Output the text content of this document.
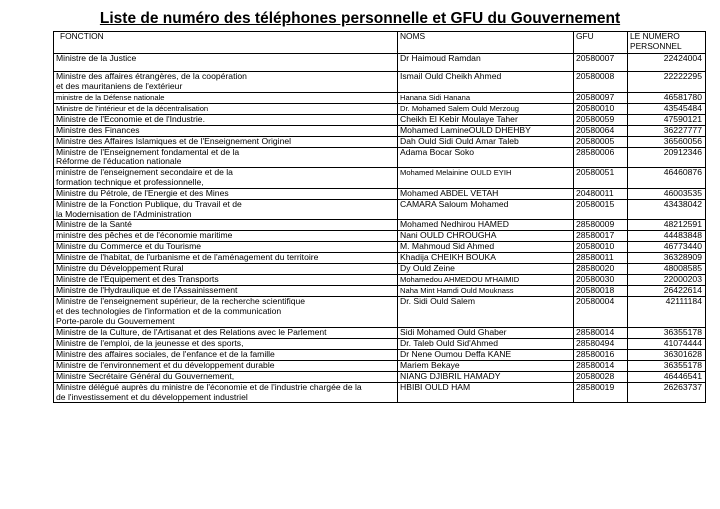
Liste de numéro des téléphones personnelle et GFU du Gouvernement
FONCTION	NOMS	GFU	LE NUMERO PERSONNEL
Ministre de la Justice	Dr Haimoud Ramdan	20580007	22424004
Ministre des affaires étrangères, de la coopération
et des mauritaniens de l'extérieur	Ismail Ould Cheikh Ahmed	20580008	22222295
ministre de la Défense nationale	Hanana Sidi Hanana	20580097	46581780
Ministre de l'intérieur et de la décentralisation	Dr. Mohamed Salem Ould Merzoug	20580010	43545484
Ministre de l'Economie et de l'Industrie.	Cheikh El Kebir Moulaye Taher	20580059	47590121
Ministre des Finances	Mohamed LamineOULD DHEHBY	20580064	36227777
Ministre des Affaires Islamiques et de l'Enseignement Originel	Dah Ould Sidi Ould Amar Taleb	20580005	36560056
Ministre de l'Enseignement fondamental et de la
Réforme de l'éducation nationale	Adama Bocar Soko	28580006	20912346
ministre de l'enseignement secondaire et de la
formation technique et professionnelle,	Mohamed Melainine OULD EYIH	20580051	46460876
Ministre du Pétrole, de l'Energie et des Mines	Mohamed ABDEL VETAH	20480011	46003535
Ministre de la Fonction Publique, du Travail et de
la Modernisation de l'Administration	CAMARA Saloum Mohamed	20580015	43438042
Ministre de la Santé	Mohamed Nedhirou HAMED	28580009	48212591
ministre des pêches et de l'économie maritime	Nani OULD CHROUGHA	28580017	44483848
Ministre du Commerce et du Tourisme	M. Mahmoud Sid Ahmed	20580010	46773440
Ministre de l'habitat, de l'urbanisme et de l'aménagement du territoire	Khadija CHEIKH BOUKA	28580011	36328909
Ministre du Développement Rural	Dy Ould Zeine	28580020	48008585
Ministre de l'Equipement et des Transports	Mohamedou AHMEDOU M'HAIMID	20580030	22000203
Ministre de l'Hydraulique et de l'Assainissement	Naha Mint Hamdi Ould Mouknass	20580018	26422614
Ministre de l'enseignement supérieur, de la recherche scientifique
et des technologies de l'information et de la communication
Porte-parole du Gouvernement	Dr. Sidi Ould Salem	20580004	42111184
Ministre de la Culture, de l'Artisanat et des Relations avec le Parlement	Sidi Mohamed Ould Ghaber	28580014	36355178
Ministre de l'emploi, de la jeunesse et des sports,	Dr. Taleb Ould Sid'Ahmed	28580494	41074444
Ministre des affaires sociales, de l'enfance et de la famille	Dr Nene Oumou Deffa KANE	28580016	36301628
Ministre de l'environnement et du développement durable	Mariem Bekaye	28580014	36355178
Ministre Secrétaire Général du Gouvernement,	NIANG DJIBRIL HAMADY	20580028	46446541
Ministre délégué auprès du ministre de l'économie et de l'industrie chargée de la
de l'investissement et du développement industriel	HBIBI OULD HAM	28580019	26263737
